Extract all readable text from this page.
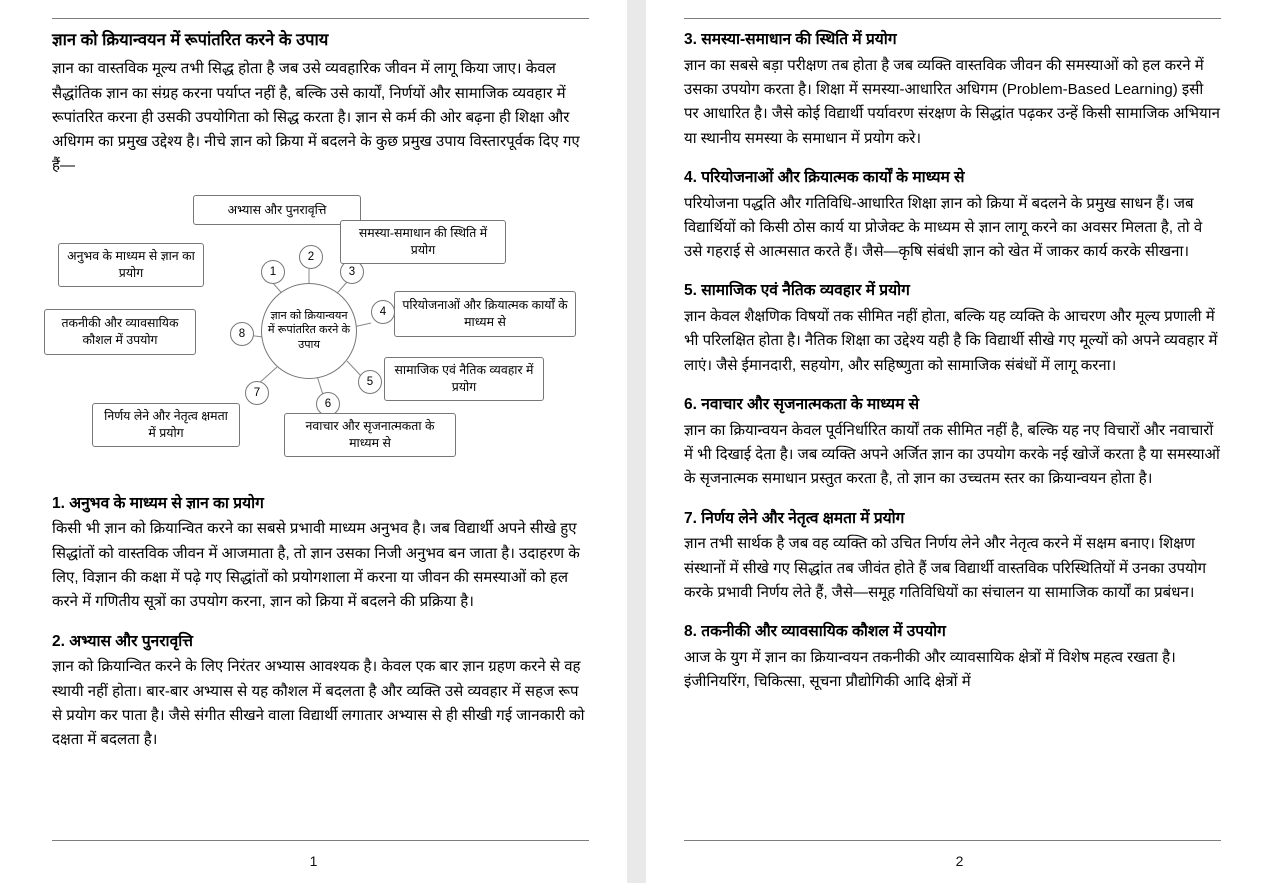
ज्ञान को क्रियान्वयन में रूपांतरित करने के उपाय

ज्ञान का वास्तविक मूल्य तभी सिद्ध होता है जब उसे व्यवहारिक जीवन में लागू किया जाए। केवल सैद्धांतिक ज्ञान का संग्रह करना पर्याप्त नहीं है, बल्कि उसे कार्यों, निर्णयों और सामाजिक व्यवहार में रूपांतरित करना ही उसकी उपयोगिता को सिद्ध करता है। ज्ञान से कर्म की ओर बढ़ना ही शिक्षा और अधिगम का प्रमुख उद्देश्य है। नीचे ज्ञान को क्रिया में बदलने के कुछ प्रमुख उपाय विस्तारपूर्वक दिए गए हैं—

ज्ञान को क्रियान्वयन में रूपांतरित करने के उपाय
1
2
3
4
5
6
7
8
अनुभव के माध्यम से ज्ञान का प्रयोग
अभ्यास और पुनरावृत्ति
समस्या-समाधान की स्थिति में प्रयोग
परियोजनाओं और क्रियात्मक कार्यों के माध्यम से
सामाजिक एवं नैतिक व्यवहार में प्रयोग
नवाचार और सृजनात्मकता के माध्यम से
निर्णय लेने और नेतृत्व क्षमता में प्रयोग
तकनीकी और व्यावसायिक कौशल में उपयोग
1. अनुभव के माध्यम से ज्ञान का प्रयोग

किसी भी ज्ञान को क्रियान्वित करने का सबसे प्रभावी माध्यम अनुभव है। जब विद्यार्थी अपने सीखे हुए सिद्धांतों को वास्तविक जीवन में आजमाता है, तो ज्ञान उसका निजी अनुभव बन जाता है। उदाहरण के लिए, विज्ञान की कक्षा में पढ़े गए सिद्धांतों को प्रयोगशाला में करना या जीवन की समस्याओं को हल करने में गणितीय सूत्रों का उपयोग करना, ज्ञान को क्रिया में बदलने की प्रक्रिया है।

2. अभ्यास और पुनरावृत्ति

ज्ञान को क्रियान्वित करने के लिए निरंतर अभ्यास आवश्यक है। केवल एक बार ज्ञान ग्रहण करने से वह स्थायी नहीं होता। बार-बार अभ्यास से यह कौशल में बदलता है और व्यक्ति उसे व्यवहार में सहज रूप से प्रयोग कर पाता है। जैसे संगीत सीखने वाला विद्यार्थी लगातार अभ्यास से ही सीखी गई जानकारी को दक्षता में बदलता है।

1
3. समस्या-समाधान की स्थिति में प्रयोग

ज्ञान का सबसे बड़ा परीक्षण तब होता है जब व्यक्ति वास्तविक जीवन की समस्याओं को हल करने में उसका उपयोग करता है। शिक्षा में समस्या-आधारित अधिगम (Problem-Based Learning) इसी पर आधारित है। जैसे कोई विद्यार्थी पर्यावरण संरक्षण के सिद्धांत पढ़कर उन्हें किसी सामाजिक अभियान या स्थानीय समस्या के समाधान में प्रयोग करे।

4. परियोजनाओं और क्रियात्मक कार्यों के माध्यम से

परियोजना पद्धति और गतिविधि-आधारित शिक्षा ज्ञान को क्रिया में बदलने के प्रमुख साधन हैं। जब विद्यार्थियों को किसी ठोस कार्य या प्रोजेक्ट के माध्यम से ज्ञान लागू करने का अवसर मिलता है, तो वे उसे गहराई से आत्मसात करते हैं। जैसे—कृषि संबंधी ज्ञान को खेत में जाकर कार्य करके सीखना।

5. सामाजिक एवं नैतिक व्यवहार में प्रयोग

ज्ञान केवल शैक्षणिक विषयों तक सीमित नहीं होता, बल्कि यह व्यक्ति के आचरण और मूल्य प्रणाली में भी परिलक्षित होता है। नैतिक शिक्षा का उद्देश्य यही है कि विद्यार्थी सीखे गए मूल्यों को अपने व्यवहार में लाएं। जैसे ईमानदारी, सहयोग, और सहिष्णुता को सामाजिक संबंधों में लागू करना।

6. नवाचार और सृजनात्मकता के माध्यम से

ज्ञान का क्रियान्वयन केवल पूर्वनिर्धारित कार्यों तक सीमित नहीं है, बल्कि यह नए विचारों और नवाचारों में भी दिखाई देता है। जब व्यक्ति अपने अर्जित ज्ञान का उपयोग करके नई खोजें करता है या समस्याओं के सृजनात्मक समाधान प्रस्तुत करता है, तो ज्ञान का उच्चतम स्तर का क्रियान्वयन होता है।

7. निर्णय लेने और नेतृत्व क्षमता में प्रयोग

ज्ञान तभी सार्थक है जब वह व्यक्ति को उचित निर्णय लेने और नेतृत्व करने में सक्षम बनाए। शिक्षण संस्थानों में सीखे गए सिद्धांत तब जीवंत होते हैं जब विद्यार्थी वास्तविक परिस्थितियों में उनका उपयोग करके प्रभावी निर्णय लेते हैं, जैसे—समूह गतिविधियों का संचालन या सामाजिक कार्यों का प्रबंधन।

8. तकनीकी और व्यावसायिक कौशल में उपयोग

आज के युग में ज्ञान का क्रियान्वयन तकनीकी और व्यावसायिक क्षेत्रों में विशेष महत्व रखता है। इंजीनियरिंग, चिकित्सा, सूचना प्रौद्योगिकी आदि क्षेत्रों में

2
